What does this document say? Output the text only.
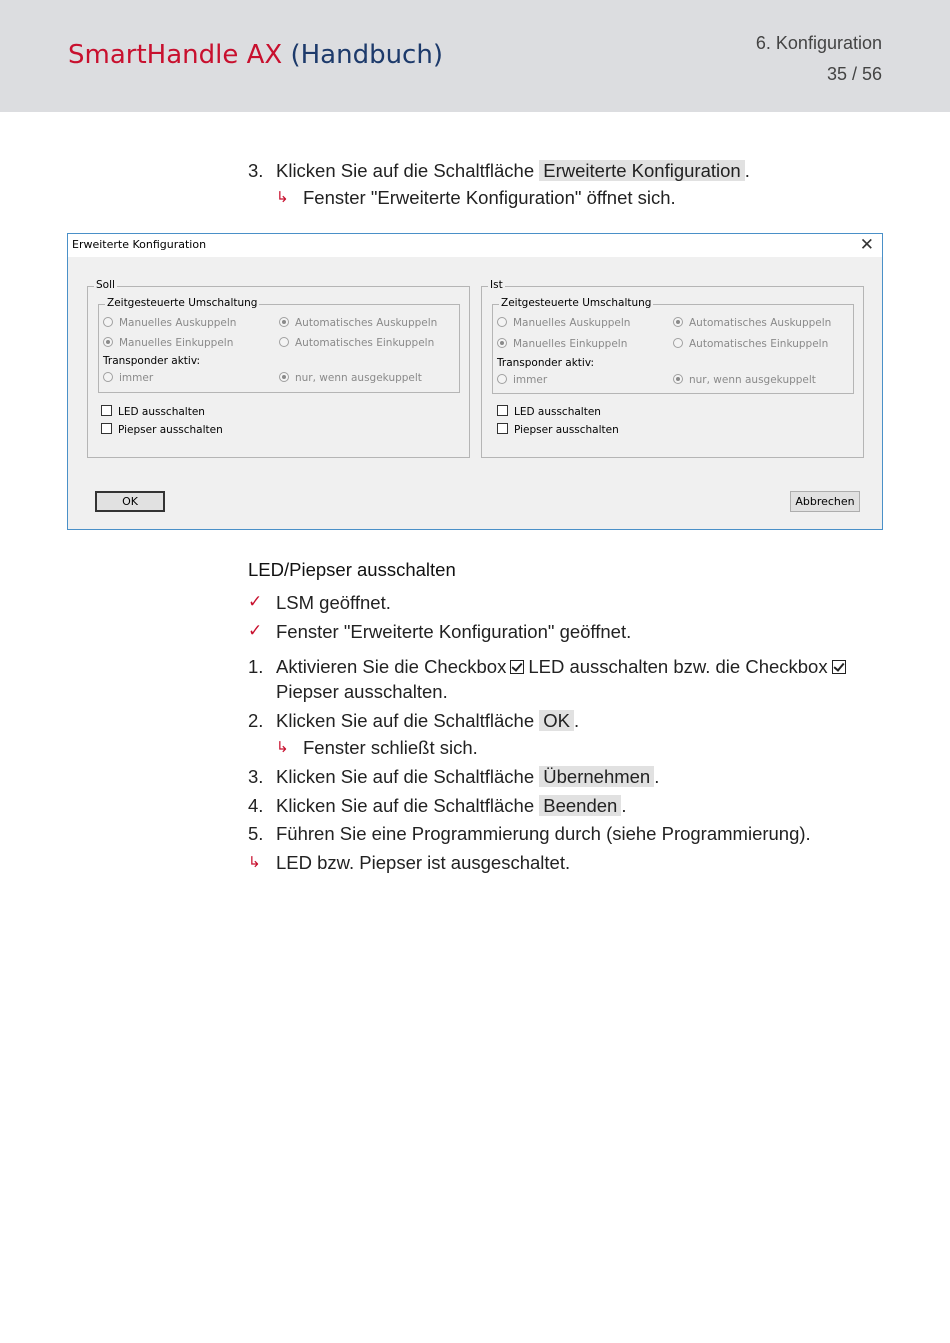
SmartHandle AX (Handbuch)	6. Konfiguration
35 / 56
3. Klicken Sie auf die Schaltfläche Erweiterte Konfiguration .
↳ Fenster "Erweiterte Konfiguration" öffnet sich.
Erweiterte Konfiguration	✕
Soll
Zeitgesteuerte Umschaltung
Manuelles Auskuppeln	Automatisches Auskuppeln
Manuelles Einkuppeln	Automatisches Einkuppeln
Transponder aktiv:
immer	nur, wenn ausgekuppelt
LED ausschalten
Piepser ausschalten
Ist
Zeitgesteuerte Umschaltung
Manuelles Auskuppeln	Automatisches Auskuppeln
Manuelles Einkuppeln	Automatisches Einkuppeln
Transponder aktiv:
immer	nur, wenn ausgekuppelt
LED ausschalten
Piepser ausschalten
OK	Abbrechen
LED/Piepser ausschalten
✓ LSM geöffnet.
✓ Fenster "Erweiterte Konfiguration" geöffnet.
1. Aktivieren Sie die Checkbox LED ausschalten bzw. die Checkbox
Piepser ausschalten.
2. Klicken Sie auf die Schaltfläche OK .
↳ Fenster schließt sich.
3. Klicken Sie auf die Schaltfläche Übernehmen .
4. Klicken Sie auf die Schaltfläche Beenden .
5. Führen Sie eine Programmierung durch (siehe Programmierung).
↳ LED bzw. Piepser ist ausgeschaltet.
